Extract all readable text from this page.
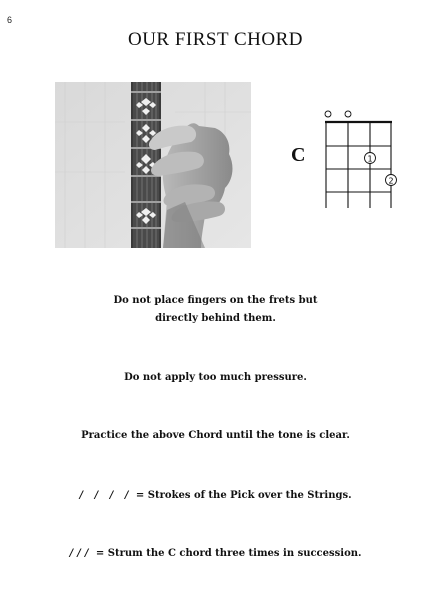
6
OUR FIRST CHORD
C	1
2
Do not place fingers on the frets but
directly behind them.
Do not apply too much pressure.
Practice the above Chord until the tone is clear.
/ / / / = Strokes of the Pick over the Strings.
/// = Strum the C chord three times in succession.
